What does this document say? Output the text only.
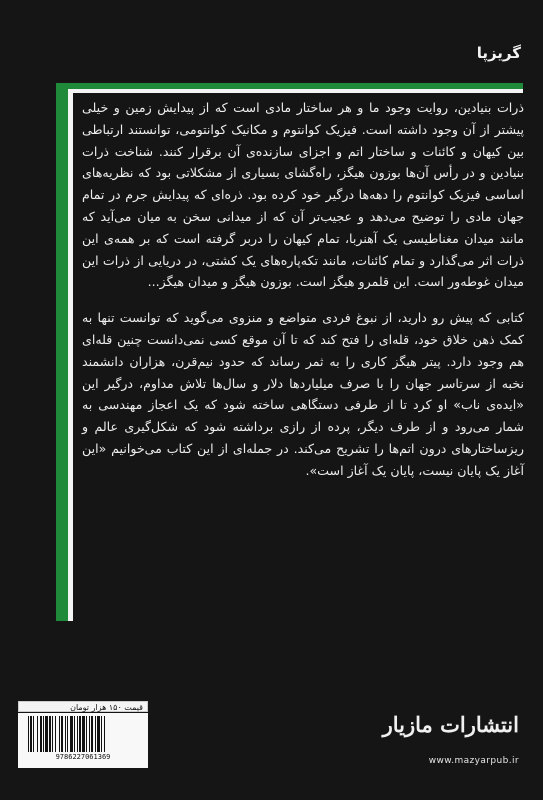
گریزپا

ذرات بنیادین، روایت وجود ما و هر ساختار مادی است که از پیدایش زمین و خیلی پیشتر از آن وجود داشته است. فیزیک کوانتوم و مکانیک کوانتومی، توانستند ارتباطی بین کیهان و کائنات و ساختار اتم و اجزای سازنده‌ی آن برقرار کنند. شناخت ذرات بنیادین و در رأس آن‌ها بوزون هیگز، راه‌گشای بسیاری از مشکلاتی بود که نظریه‌های اساسی فیزیک کوانتوم را دهه‌ها درگیر خود کرده بود. ذره‌ای که پیدایش جرم در تمام جهان مادی را توضیح می‌دهد و عجیب‌تر آن که از میدانی سخن به میان می‌آید که مانند میدان مغناطیسی یک آهنربا، تمام کیهان را دربر گرفته است که بر همه‌ی این ذرات اثر می‌گذارد و تمام کائنات، مانند تکه‌پاره‌های یک کشتی، در دریایی از ذرات این میدان غوطه‌ور است. این قلمرو هیگز است. بوزون هیگز و میدان هیگز...

کتابی که پیش رو دارید، از نبوغ فردی متواضع و منزوی می‌گوید که توانست تنها به کمک ذهن خلاق خود، قله‌ای را فتح کند که تا آن موقع کسی نمی‌دانست چنین قله‌ای هم وجود دارد. پیتر هیگز کاری را به ثمر رساند که حدود نیم‌قرن، هزاران دانشمند نخبه از سرتاسر جهان را با صرف میلیاردها دلار و سال‌ها تلاش مداوم، درگیر این «ایده‌ی ناب» او کرد تا از طرفی دستگاهی ساخته شود که یک اعجاز مهندسی به شمار می‌رود و از طرف دیگر، پرده از رازی برداشته شود که شکل‌گیری عالم و ریزساختارهای درون اتم‌ها را تشریح می‌کند. در جمله‌ای از این کتاب می‌خوانیم «این آغاز یک پایان نیست، پایان یک آغاز است».

قیمت ۱۵۰ هزار تومان
9786227061369
انتشارات مازیار
www.mazyarpub.ir
